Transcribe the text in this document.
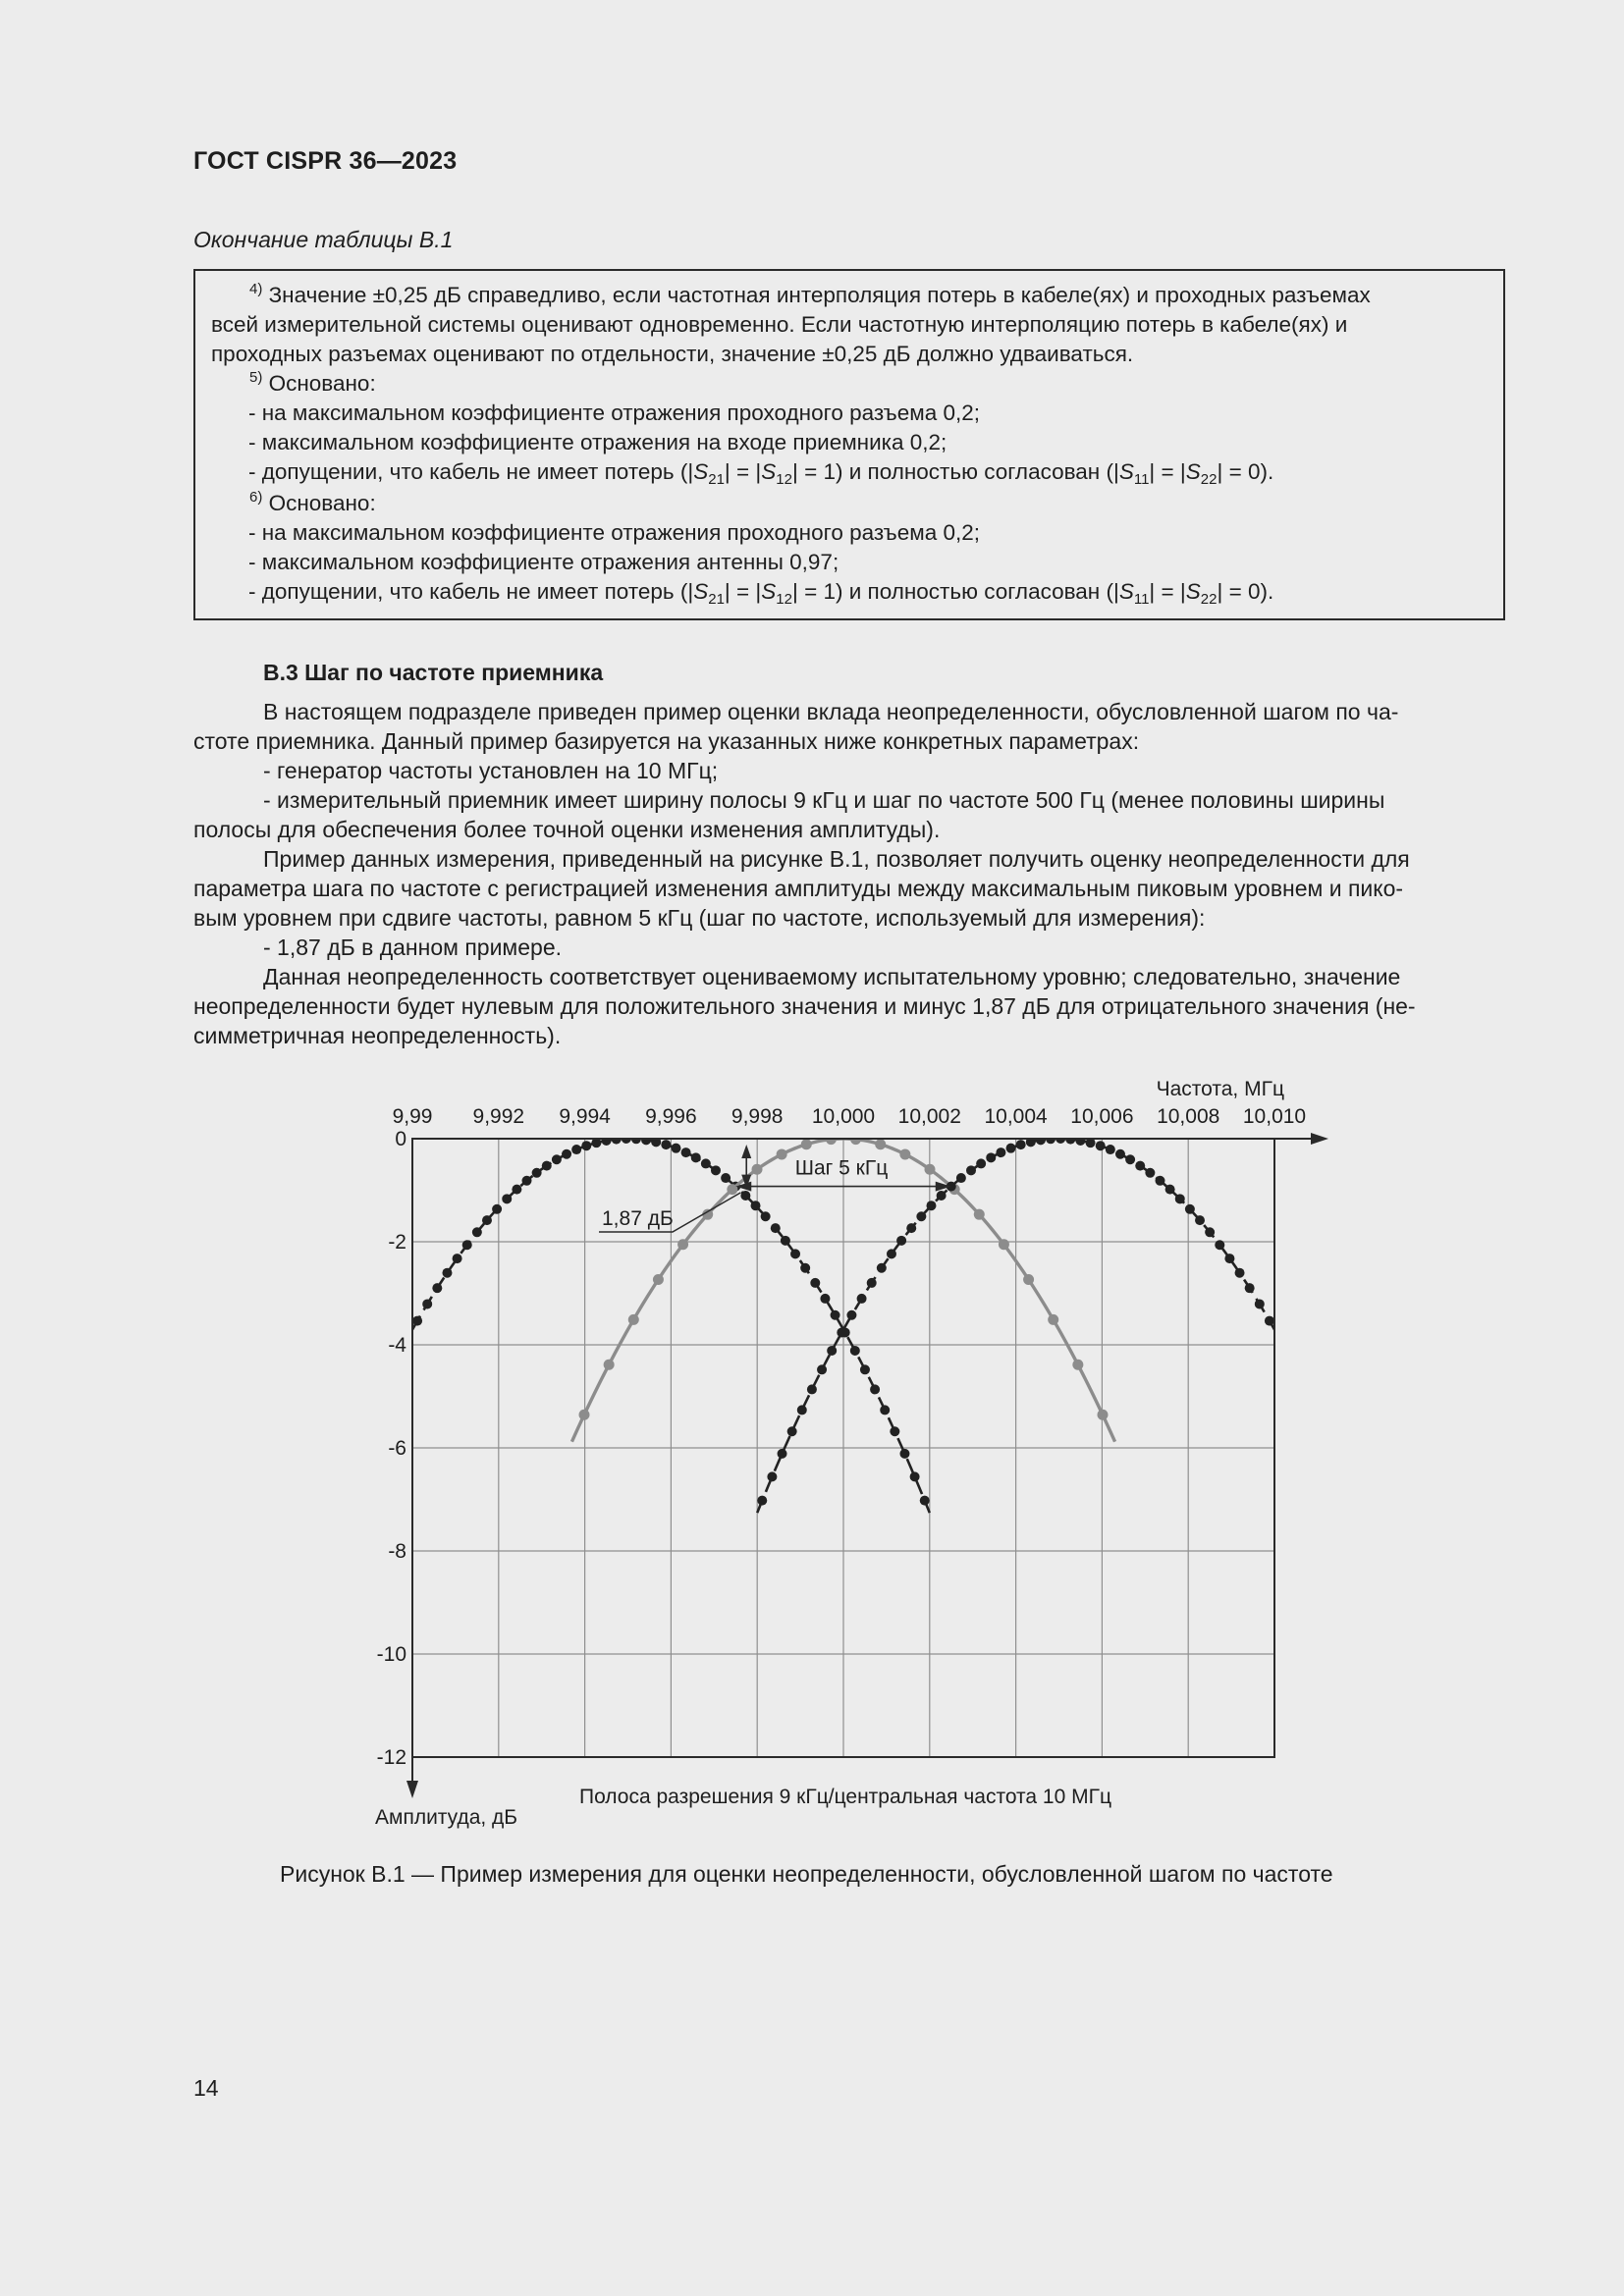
ГОСТ CISPR 36—2023
Окончание таблицы В.1
$^{4)}$ Значение ±0,25 дБ справедливо, если частотная интерполяция потерь в кабеле(ях) и проходных разъемах
всей измерительной системы оценивают одновременно. Если частотную интерполяцию потерь в кабеле(ях) и
проходных разъемах оценивают по отдельности, значение ±0,25 дБ должно удваиваться.
$^{5)}$ Основано:
- на максимальном коэффициенте отражения проходного разъема 0,2;
- максимальном коэффициенте отражения на входе приемника 0,2;
- допущении, что кабель не имеет потерь $(|S_{21}| = |S_{12}| = 1)$ и полностью согласован $(|S_{11}| = |S_{22}| = 0)$.
$^{6)}$ Основано:
- на максимальном коэффициенте отражения проходного разъема 0,2;
- максимальном коэффициенте отражения антенны 0,97;
- допущении, что кабель не имеет потерь $(|S_{21}| = |S_{12}| = 1)$ и полностью согласован $(|S_{11}| = |S_{22}| = 0)$.
В.3 Шаг по частоте приемника
В настоящем подразделе приведен пример оценки вклада неопределенности, обусловленной шагом по ча-
стоте приемника. Данный пример базируется на указанных ниже конкретных параметрах:
- генератор частоты установлен на 10 МГц;
- измерительный приемник имеет ширину полосы 9 кГц и шаг по частоте 500 Гц (менее половины ширины
полосы для обеспечения более точной оценки изменения амплитуды).
Пример данных измерения, приведенный на рисунке В.1, позволяет получить оценку неопределенности для
параметра шага по частоте с регистрацией изменения амплитуды между максимальным пиковым уровнем и пико-
вым уровнем при сдвиге частоты, равном 5 кГц (шаг по частоте, используемый для измерения):
- 1,87 дБ в данном примере.
Данная неопределенность соответствует оцениваемому испытательному уровню; следовательно, значение
неопределенности будет нулевым для положительного значения и минус 1,87 дБ для отрицательного значения (не-
симметричная неопределенность).
9,99 9,992 9,994 9,996 9,998 10,000 10,002 10,004 10,006 10,008 10,010
0
-2
-4
-6
-8
-10
-12
1,87 дБ
Шаг 5 кГц
Частота, МГц
Амплитуда, дБ
Полоса разрешения 9 кГц/центральная частота 10 МГц
Рисунок В.1 — Пример измерения для оценки неопределенности, обусловленной шагом по частоте
14
